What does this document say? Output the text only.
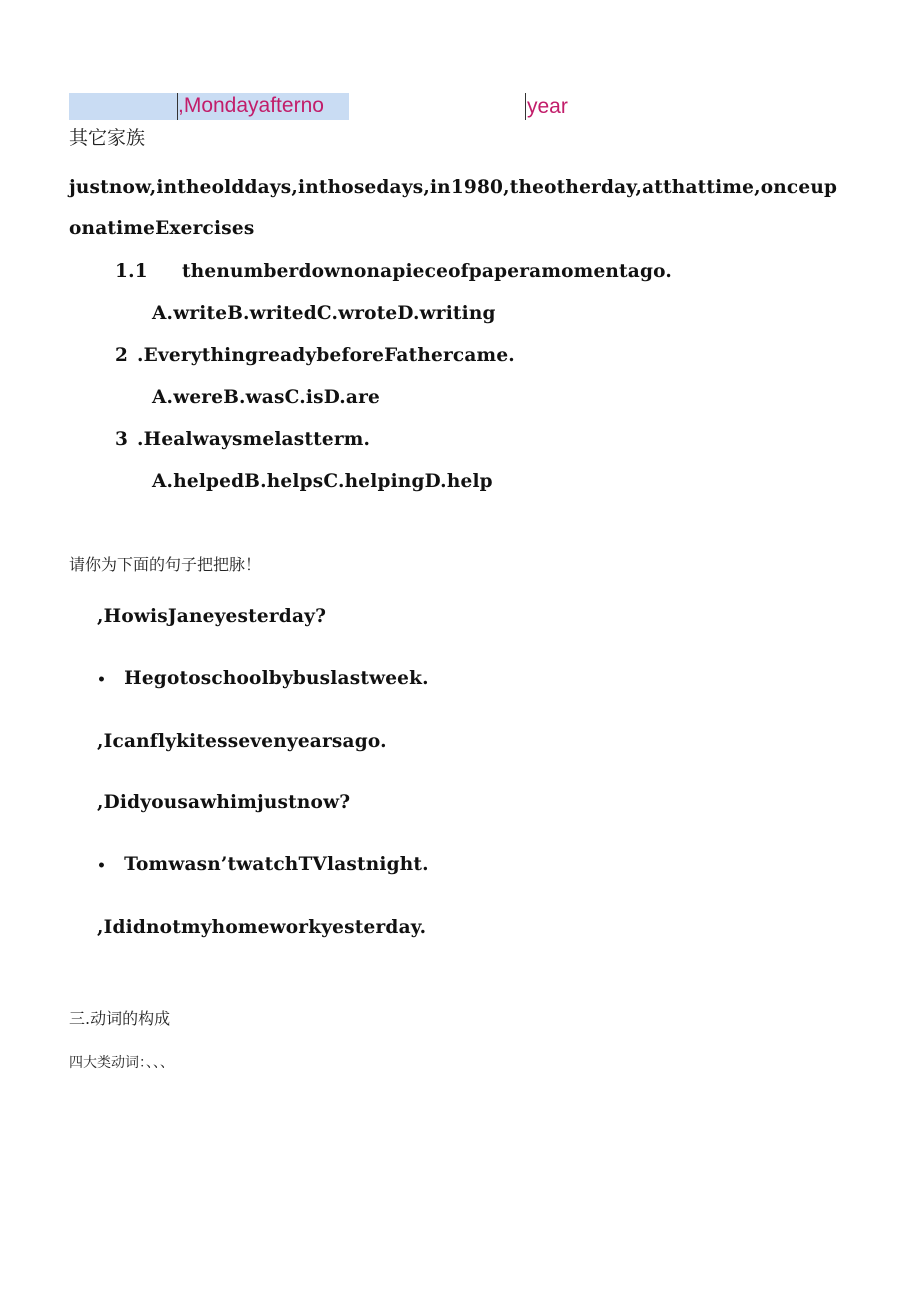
,Mondayafterno	year
其它家族
justnow,intheolddays,inthosedays,in1980,theotherday,atthattime,onceup
onatimeExercises
1.1 thenumberdownonapieceofpaperamomentago.
A.writeB.writedC.wroteD.writing
2 .EverythingreadybeforeFathercame.
A.wereB.wasC.isD.are
3 .Healwaysmelastterm.
A.helpedB.helpsC.helpingD.help
请你为下面的句子把把脉！
,HowisJaneyesterday?
• Hegotoschoolbybuslastweek.
,Icanflykitessevenyearsago.
,Didyousawhimjustnow?
• Tomwasn’twatchTVlastnight.
,Ididnotmyhomeworkyesterday.
三.动词的构成
四大类动词：、、、
